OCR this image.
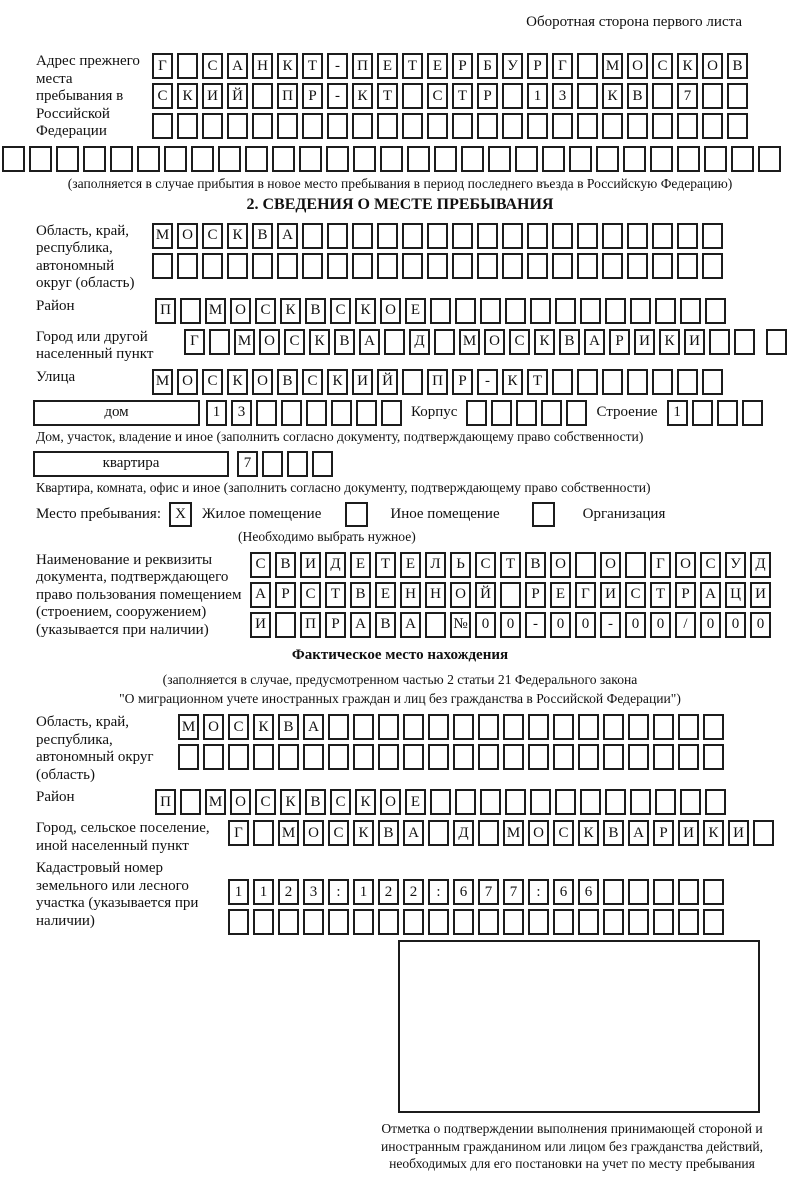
Оборотная сторона первого листа
Адрес прежнего места пребывания в Российской Федерации
Г	С А Н К	Т	-	П Е	Т	Е	Р	Б	У	Р	Г	М О С К О В
С К И Й	П	Р	-	К	Т	С	Т	Р	1	3	К В	7
(заполняется в случае прибытия в новое место пребывания в период последнего въезда в Российскую Федерацию)
2. СВЕДЕНИЯ О МЕСТЕ ПРЕБЫВАНИЯ
Область, край, республика, автономный округ (область)
М О С К В А
Район	П	М О С К В С К О Е
Город или другой населенный пункт
Г	М О С К В А	Д	М О С К В А	Р	И К И
Улица	М О С К О В С К И Й	П	Р	-	К	Т
дом	1	3	Корпус	Строение	1
Дом, участок, владение и иное (заполнить согласно документу, подтверждающему право собственности)
квартира	7
Квартира, комната, офис и иное (заполнить согласно документу, подтверждающему право собственности)
Место пребывания: X	Жилое помещение	Иное помещение	Организация
(Необходимо выбрать нужное)
Наименование и реквизиты документа, подтверждающего право пользования помещением (строением, сооружением) (указывается при наличии)
С В И Д	Е	Т	Е	Л	Ь	С	Т	В О	О	Г	О С У Д
А	Р	С	Т	В	Е	Н Н О Й	Р	Е	Г	И С	Т	Р	А Ц И
И	П	Р	А В А	№ 0	0	-	0	0	-	0	0	/	0	0	0
Фактическое место нахождения
(заполняется в случае, предусмотренном частью 2 статьи 21 Федерального закона
"О миграционном учете иностранных граждан и лиц без гражданства в Российской Федерации")
Область, край, республика, автономный округ (область)
М О С К В А
Район	П	М О С К В С К О Е
Город, сельское поселение, иной населенный пункт
Г	М О С К В А	Д	М О С К В А	Р	И К И
Кадастровый номер земельного или лесного участка (указывается при наличии)
1	1	2	3	:	1	2	2	:	6	7	7	:	6	6
Отметка о подтверждении выполнения принимающей стороной и иностранным гражданином или лицом без гражданства действий, необходимых для его постановки на учет по месту пребывания
